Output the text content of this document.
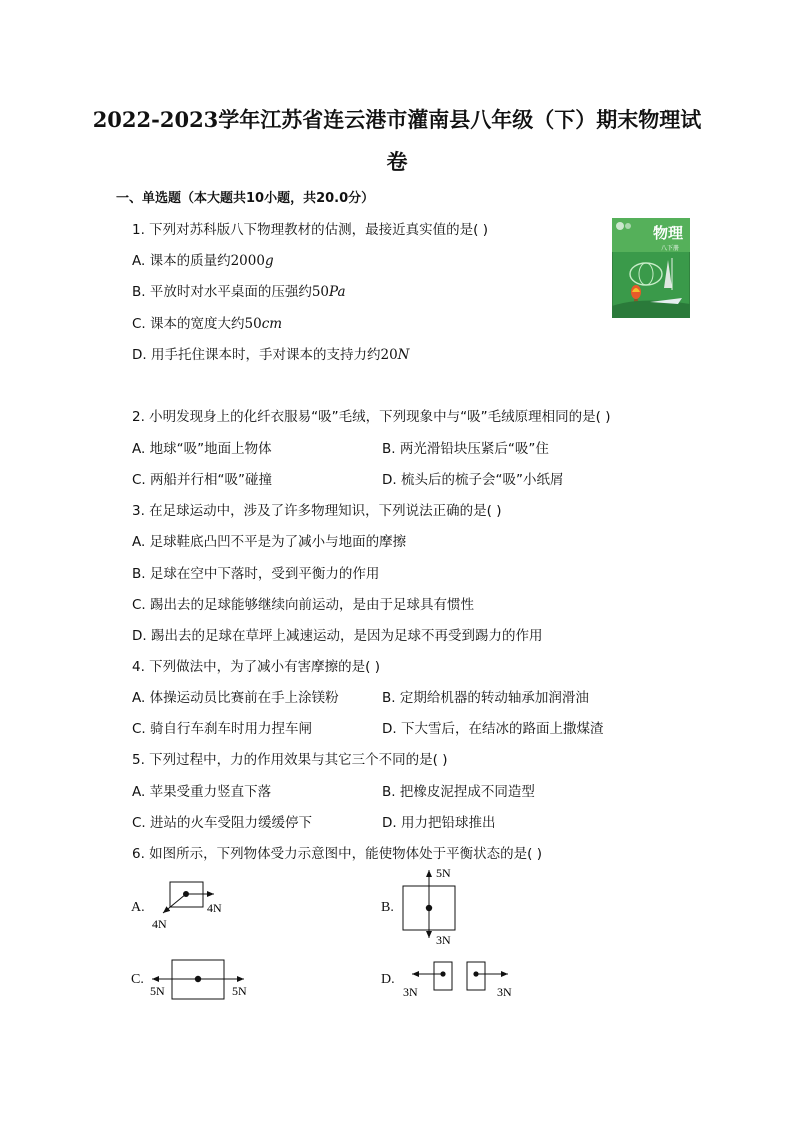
2022-2023学年江苏省连云港市灌南县八年级（下）期末物理试
卷
一、单选题（本大题共10小题，共20.0分）
1. 下列对苏科版八下物理教材的估测，最接近真实值的是( )
A. 课本的质量约2000g
B. 平放时对水平桌面的压强约50Pa
C. 课本的宽度大约50cm
D. 用手托住课本时，手对课本的支持力约20N
物理
八下册
2. 小明发现身上的化纤衣服易“吸”毛绒，下列现象中与“吸”毛绒原理相同的是( )
A. 地球“吸”地面上物体	B. 两光滑铅块压紧后“吸”住
C. 两船并行相“吸”碰撞	D. 梳头后的梳子会“吸”小纸屑
3. 在足球运动中，涉及了许多物理知识，下列说法正确的是( )
A. 足球鞋底凸凹不平是为了减小与地面的摩擦
B. 足球在空中下落时，受到平衡力的作用
C. 踢出去的足球能够继续向前运动，是由于足球具有惯性
D. 踢出去的足球在草坪上减速运动，是因为足球不再受到踢力的作用
4. 下列做法中，为了减小有害摩擦的是( )
A. 体操运动员比赛前在手上涂镁粉	B. 定期给机器的转动轴承加润滑油
C. 骑自行车刹车时用力捏车闸	D. 下大雪后，在结冰的路面上撒煤渣
5. 下列过程中，力的作用效果与其它三个不同的是( )
A. 苹果受重力竖直下落	B. 把橡皮泥捏成不同造型
C. 进站的火车受阻力缓缓停下	D. 用力把铅球推出
6. 如图所示，下列物体受力示意图中，能使物体处于平衡状态的是( )
A.	B.
C.	D.
4N
4N
5N
3N
5N	5N	3N	3N
